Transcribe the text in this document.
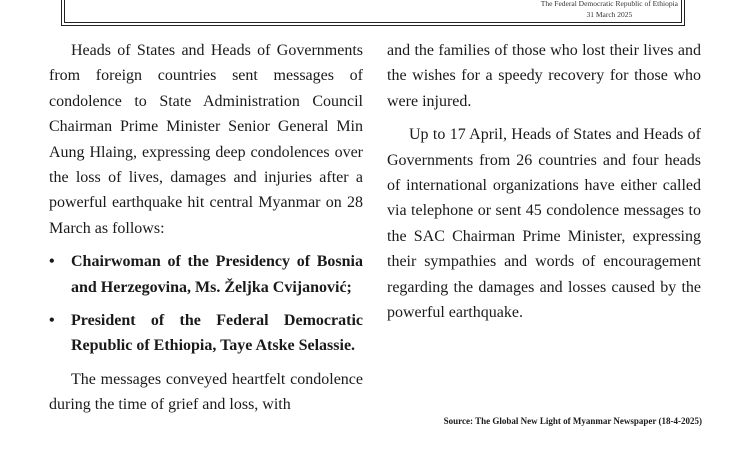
The Federal Democratic Republic of Ethiopia
31 March 2025

Heads of States and Heads of Governments from foreign countries sent messages of condolence to State Administration Council Chairman Prime Minister Senior General Min Aung Hlaing, expressing deep condolences over the loss of lives, damages and injuries after a powerful earthquake hit central Myanmar on 28 March as follows:

• Chairwoman of the Presidency of Bosnia and Herzegovina, Ms. Željka Cvijanović;
• President of the Federal Democratic Republic of Ethiopia, Taye Atske Selassie.

The messages conveyed heartfelt condolence during the time of grief and loss, with

and the families of those who lost their lives and the wishes for a speedy recovery for those who were injured.

Up to 17 April, Heads of States and Heads of Governments from 26 countries and four heads of international organizations have either called via telephone or sent 45 condolence messages to the SAC Chairman Prime Minister, expressing their sympathies and words of encouragement regarding the damages and losses caused by the powerful earthquake.

Source: The Global New Light of Myanmar Newspaper (18-4-2025)
